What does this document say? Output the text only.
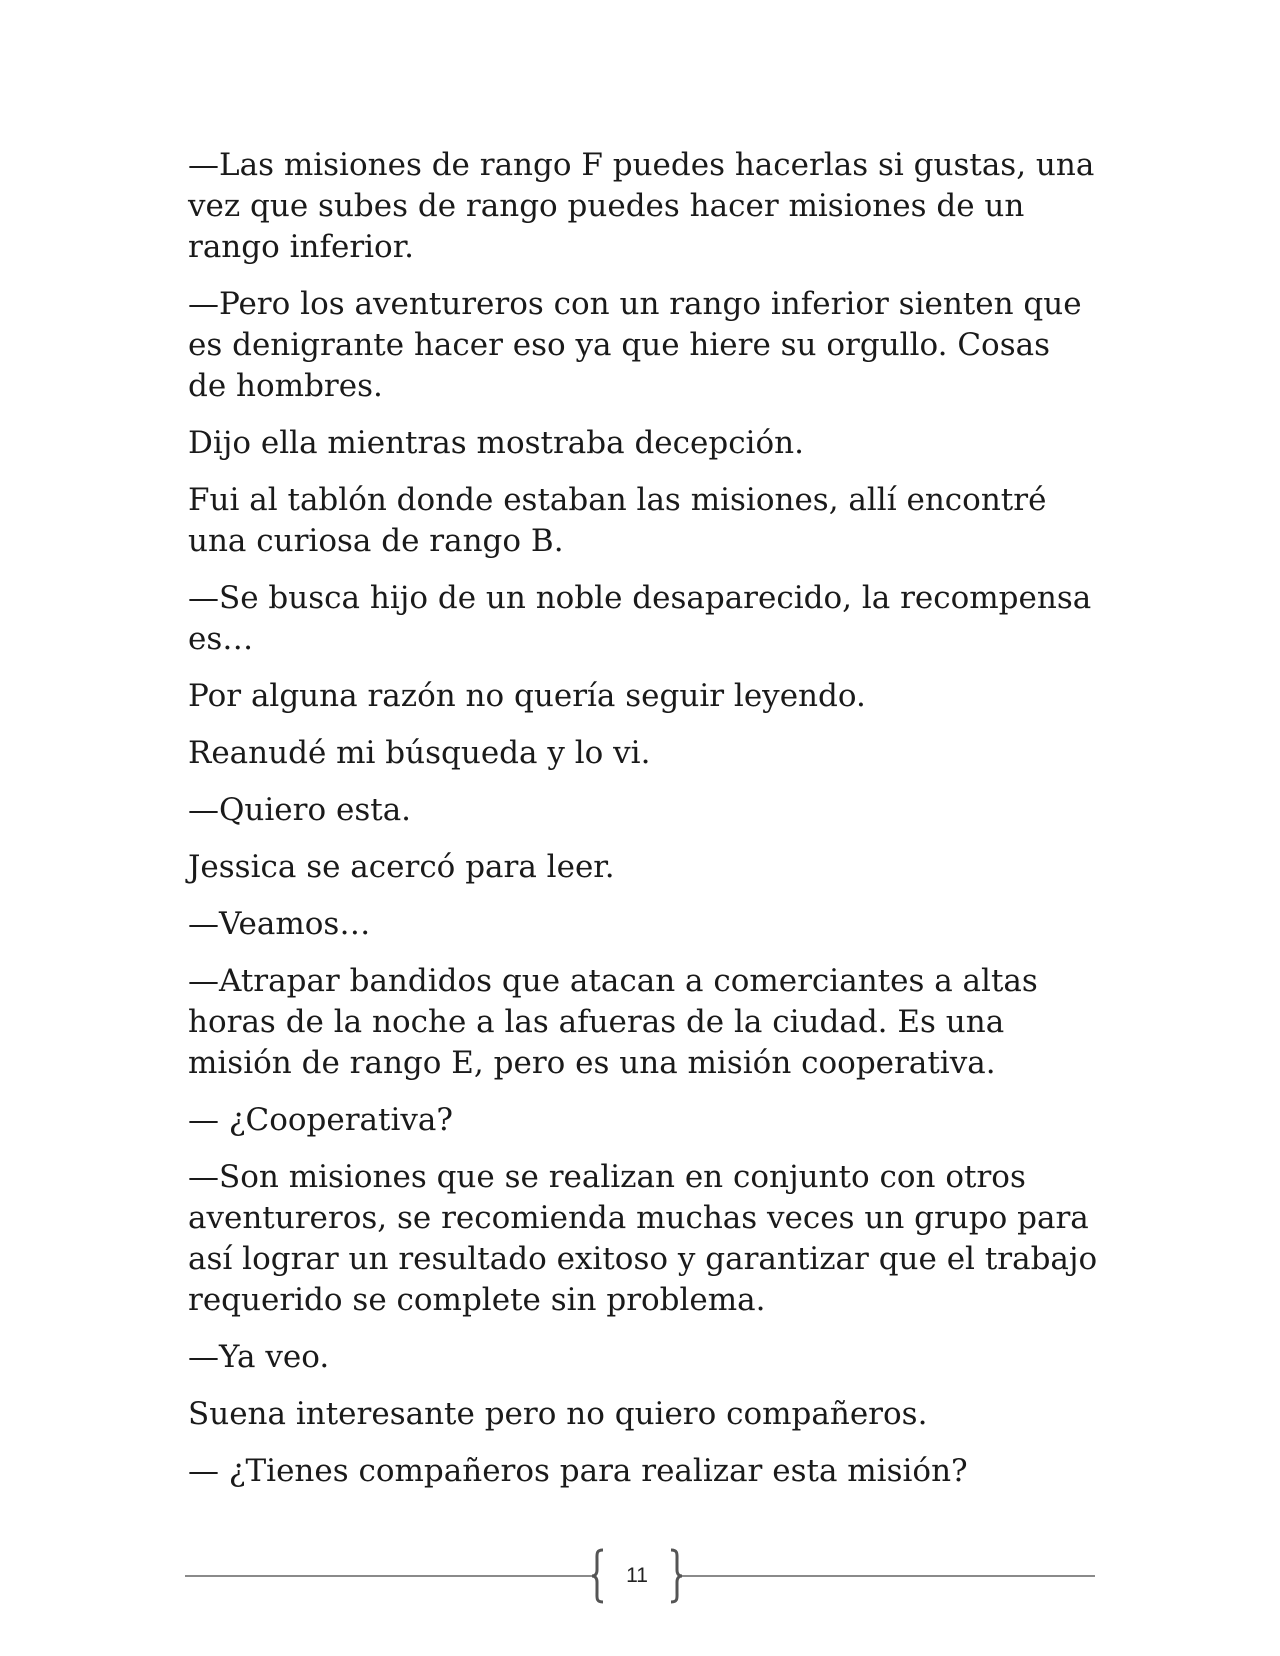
—Las misiones de rango F puedes hacerlas si gustas, una vez que subes de rango puedes hacer misiones de un rango inferior.

—Pero los aventureros con un rango inferior sienten que es denigrante hacer eso ya que hiere su orgullo. Cosas de hombres.

Dijo ella mientras mostraba decepción.

Fui al tablón donde estaban las misiones, allí encontré una curiosa de rango B.

—Se busca hijo de un noble desaparecido, la recompensa es…

Por alguna razón no quería seguir leyendo.

Reanudé mi búsqueda y lo vi.

—Quiero esta.

Jessica se acercó para leer.

—Veamos…

—Atrapar bandidos que atacan a comerciantes a altas horas de la noche a las afueras de la ciudad. Es una misión de rango E, pero es una misión cooperativa.

— ¿Cooperativa?

—Son misiones que se realizan en conjunto con otros aventureros, se recomienda muchas veces un grupo para así lograr un resultado exitoso y garantizar que el trabajo requerido se complete sin problema.

—Ya veo.

Suena interesante pero no quiero compañeros.

— ¿Tienes compañeros para realizar esta misión?

11
